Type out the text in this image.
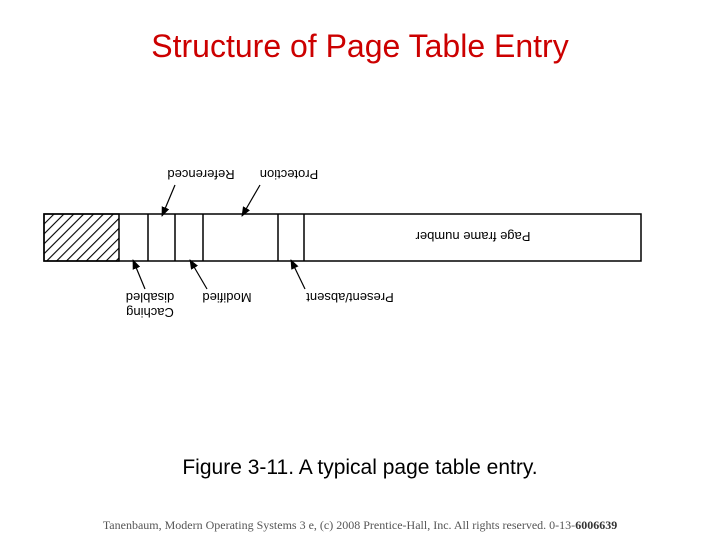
Structure of Page Table Entry
Page frame number
Referenced Protection
disabled
Caching
Modified	Present/absent
Figure 3-11. A typical page table entry.
Tanenbaum, Modern Operating Systems 3 e, (c) 2008 Prentice-Hall, Inc. All rights reserved. 0-13-6006639
